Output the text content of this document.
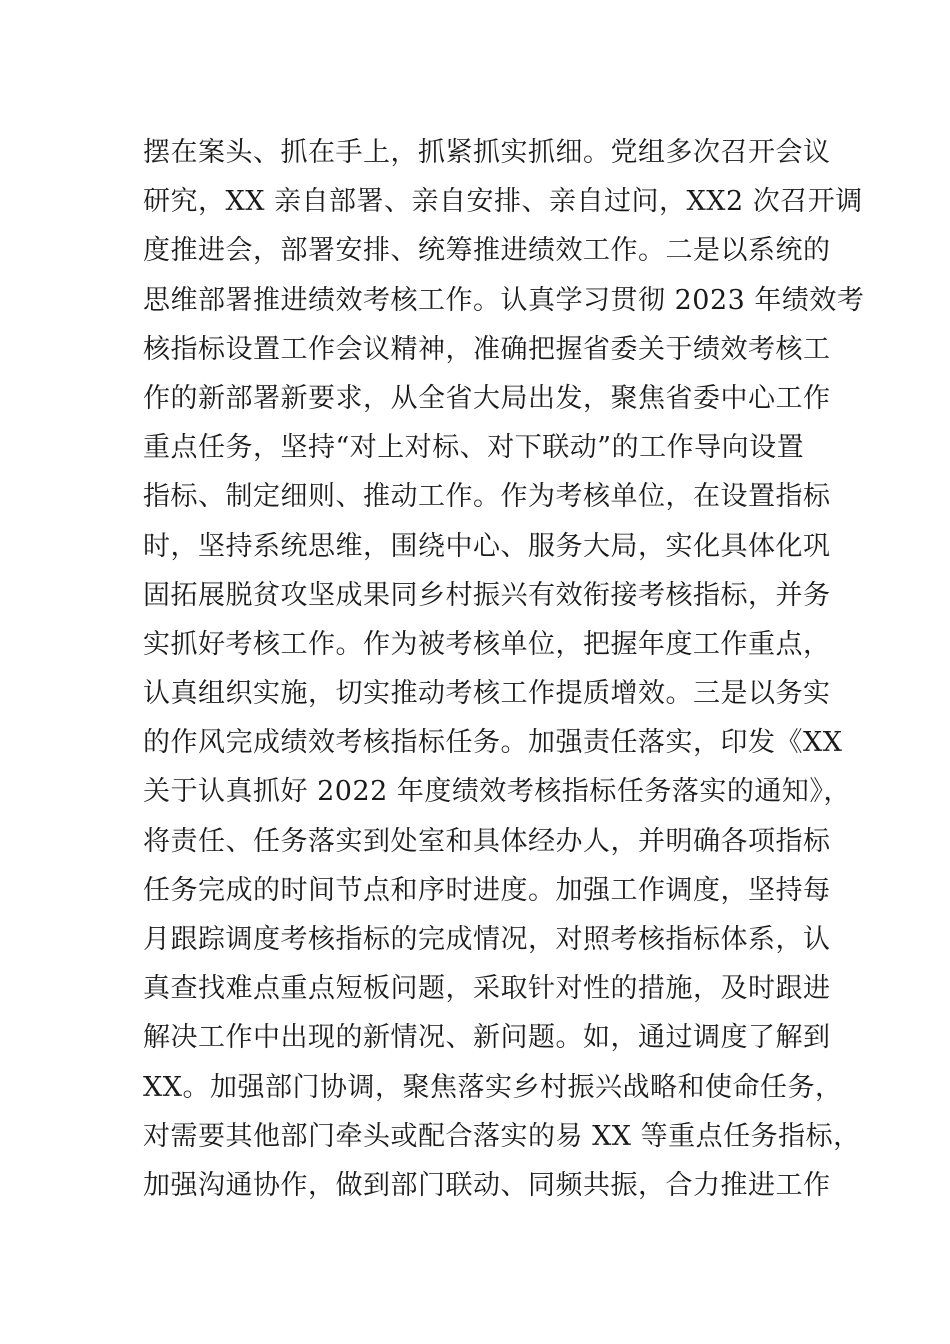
摆在案头、抓在手上，抓紧抓实抓细。党组多次召开会议
研究，XX 亲自部署、亲自安排、亲自过问，XX2 次召开调
度推进会，部署安排、统筹推进绩效工作。二是以系统的
思维部署推进绩效考核工作。认真学习贯彻 2023 年绩效考
核指标设置工作会议精神，准确把握省委关于绩效考核工
作的新部署新要求，从全省大局出发，聚焦省委中心工作
重点任务，坚持“对上对标、对下联动”的工作导向设置
指标、制定细则、推动工作。作为考核单位，在设置指标
时，坚持系统思维，围绕中心、服务大局，实化具体化巩
固拓展脱贫攻坚成果同乡村振兴有效衔接考核指标，并务
实抓好考核工作。作为被考核单位，把握年度工作重点，
认真组织实施，切实推动考核工作提质增效。三是以务实
的作风完成绩效考核指标任务。加强责任落实，印发《XX
关于认真抓好 2022 年度绩效考核指标任务落实的通知》，
将责任、任务落实到处室和具体经办人，并明确各项指标
任务完成的时间节点和序时进度。加强工作调度，坚持每
月跟踪调度考核指标的完成情况，对照考核指标体系，认
真查找难点重点短板问题，采取针对性的措施，及时跟进
解决工作中出现的新情况、新问题。如，通过调度了解到
XX。加强部门协调，聚焦落实乡村振兴战略和使命任务，
对需要其他部门牵头或配合落实的易 XX 等重点任务指标，
加强沟通协作，做到部门联动、同频共振，合力推进工作
